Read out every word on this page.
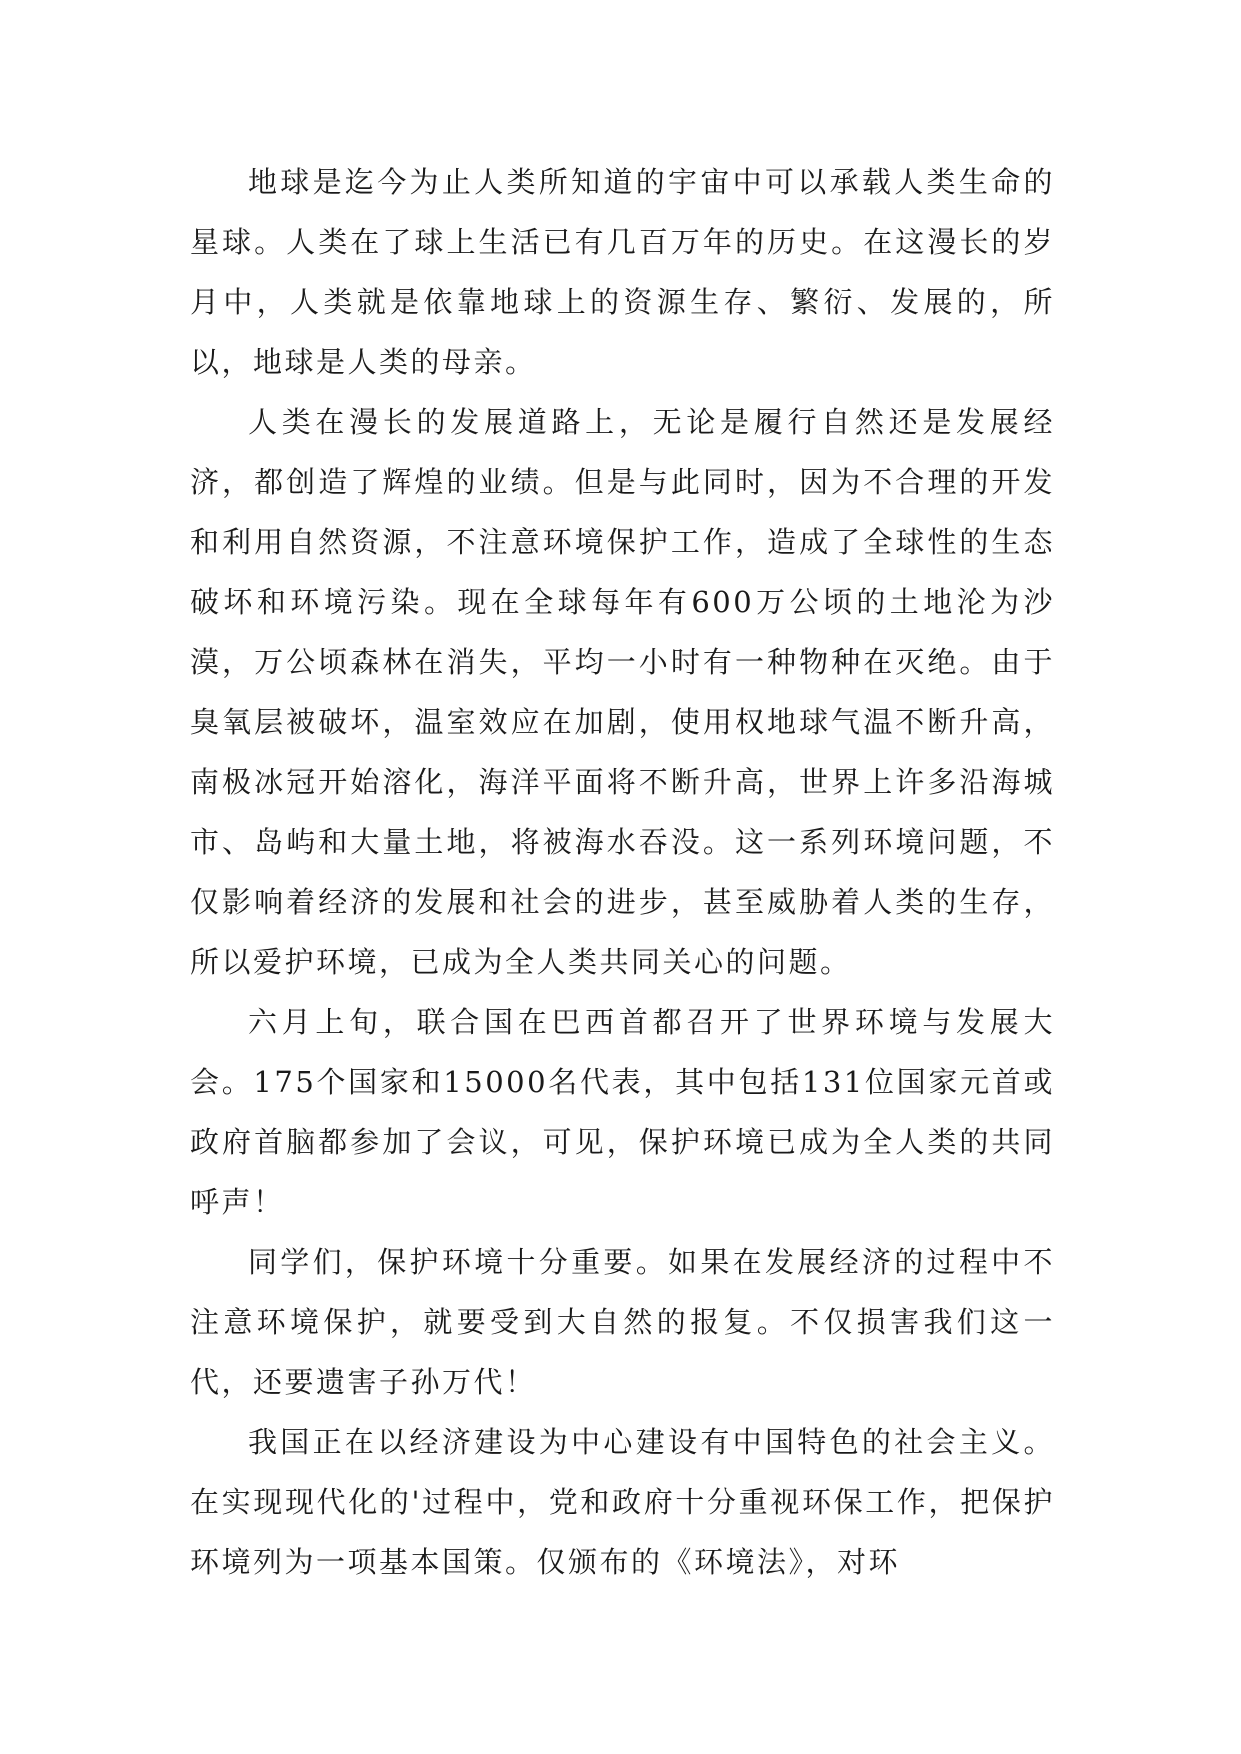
地球是迄今为止人类所知道的宇宙中可以承载人类生命的星球。人类在了球上生活已有几百万年的历史。在这漫长的岁月中，人类就是依靠地球上的资源生存、繁衍、发展的，所以，地球是人类的母亲。

人类在漫长的发展道路上，无论是履行自然还是发展经济，都创造了辉煌的业绩。但是与此同时，因为不合理的开发和利用自然资源，不注意环境保护工作，造成了全球性的生态破坏和环境污染。现在全球每年有600万公顷的土地沦为沙漠，万公顷森林在消失，平均一小时有一种物种在灭绝。由于臭氧层被破坏，温室效应在加剧，使用权地球气温不断升高，南极冰冠开始溶化，海洋平面将不断升高，世界上许多沿海城市、岛屿和大量土地，将被海水吞没。这一系列环境问题，不仅影响着经济的发展和社会的进步，甚至威胁着人类的生存，所以爱护环境，已成为全人类共同关心的问题。

六月上旬，联合国在巴西首都召开了世界环境与发展大会。175个国家和15000名代表，其中包括131位国家元首或政府首脑都参加了会议，可见，保护环境已成为全人类的共同呼声！

同学们，保护环境十分重要。如果在发展经济的过程中不注意环境保护，就要受到大自然的报复。不仅损害我们这一代，还要遗害子孙万代！

我国正在以经济建设为中心建设有中国特色的社会主义。在实现现代化的'过程中，党和政府十分重视环保工作，把保护环境列为一项基本国策。仅颁布的《环境法》，对环
